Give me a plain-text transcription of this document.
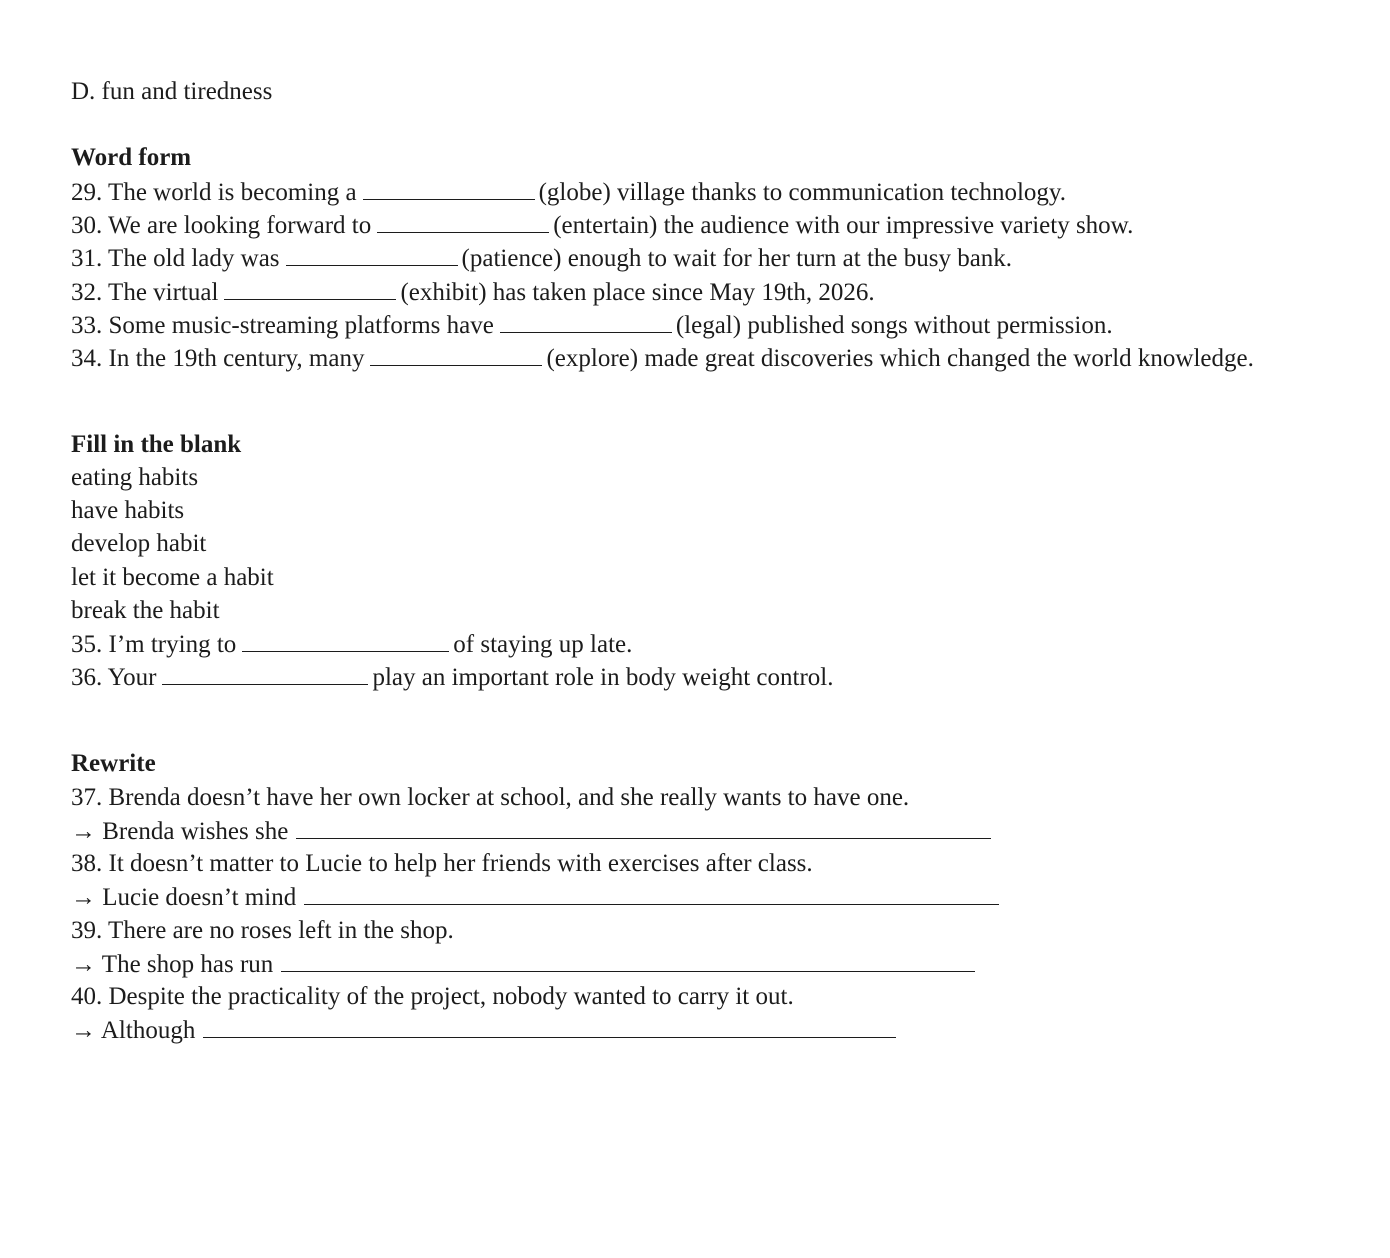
D. fun and tiredness
Word form
29. The world is becoming a	(globe) village thanks to communication technology.
30. We are looking forward to	(entertain) the audience with our impressive variety show.
31. The old lady was	(patience) enough to wait for her turn at the busy bank.
32. The virtual	(exhibit) has taken place since May 19th, 2026.
33. Some music-streaming platforms have	(legal) published songs without permission.
34. In the 19th century, many	(explore) made great discoveries which changed the world knowledge.
Fill in the blank
eating habits
have habits
develop habit
let it become a habit
break the habit
35. I’m trying to	of staying up late.
36. Your	play an important role in body weight control.
Rewrite
37. Brenda doesn’t have her own locker at school, and she really wants to have one.
→ Brenda wishes she
38. It doesn’t matter to Lucie to help her friends with exercises after class.
→ Lucie doesn’t mind
39. There are no roses left in the shop.
→ The shop has run
40. Despite the practicality of the project, nobody wanted to carry it out.
→ Although
